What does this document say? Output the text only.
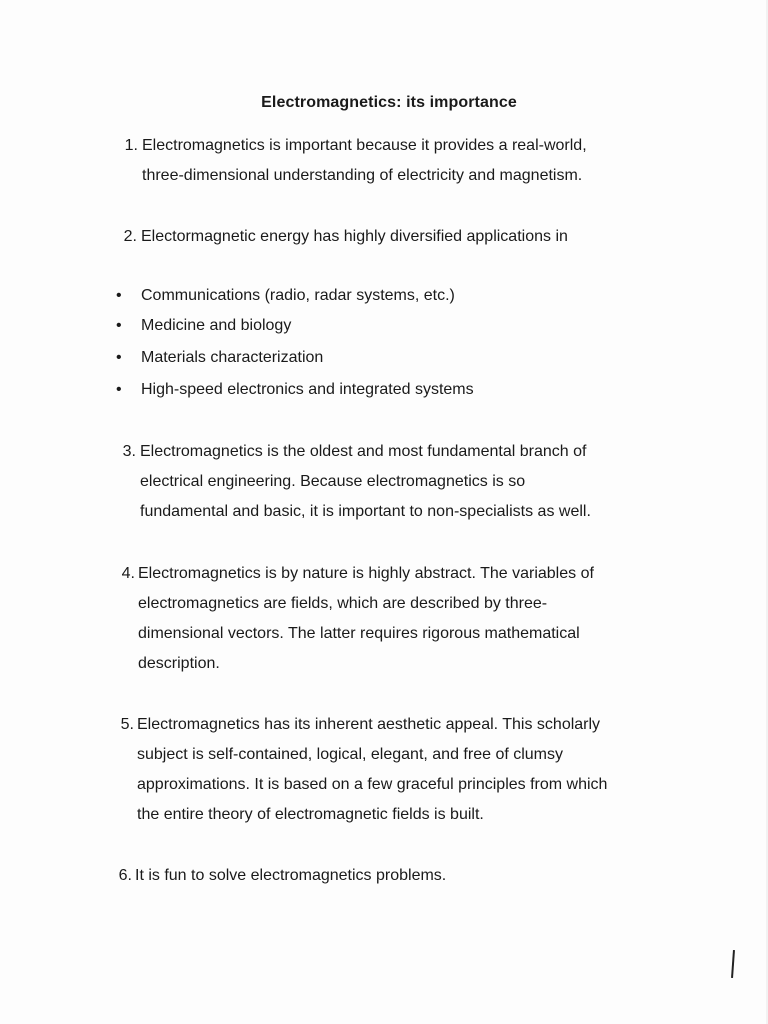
Electromagnetics: its importance
1. Electromagnetics is important because it provides a real-world,
three-dimensional understanding of electricity and magnetism.
2. Electormagnetic energy has highly diversified applications in
• Communications (radio, radar systems, etc.)
• Medicine and biology
• Materials characterization
• High-speed electronics and integrated systems
3. Electromagnetics is the oldest and most fundamental branch of
electrical engineering. Because electromagnetics is so
fundamental and basic, it is important to non-specialists as well.
4. Electromagnetics is by nature is highly abstract. The variables of
electromagnetics are fields, which are described by three-
dimensional vectors. The latter requires rigorous mathematical
description.
5. Electromagnetics has its inherent aesthetic appeal. This scholarly
subject is self-contained, logical, elegant, and free of clumsy
approximations. It is based on a few graceful principles from which
the entire theory of electromagnetic fields is built.
6. It is fun to solve electromagnetics problems.
